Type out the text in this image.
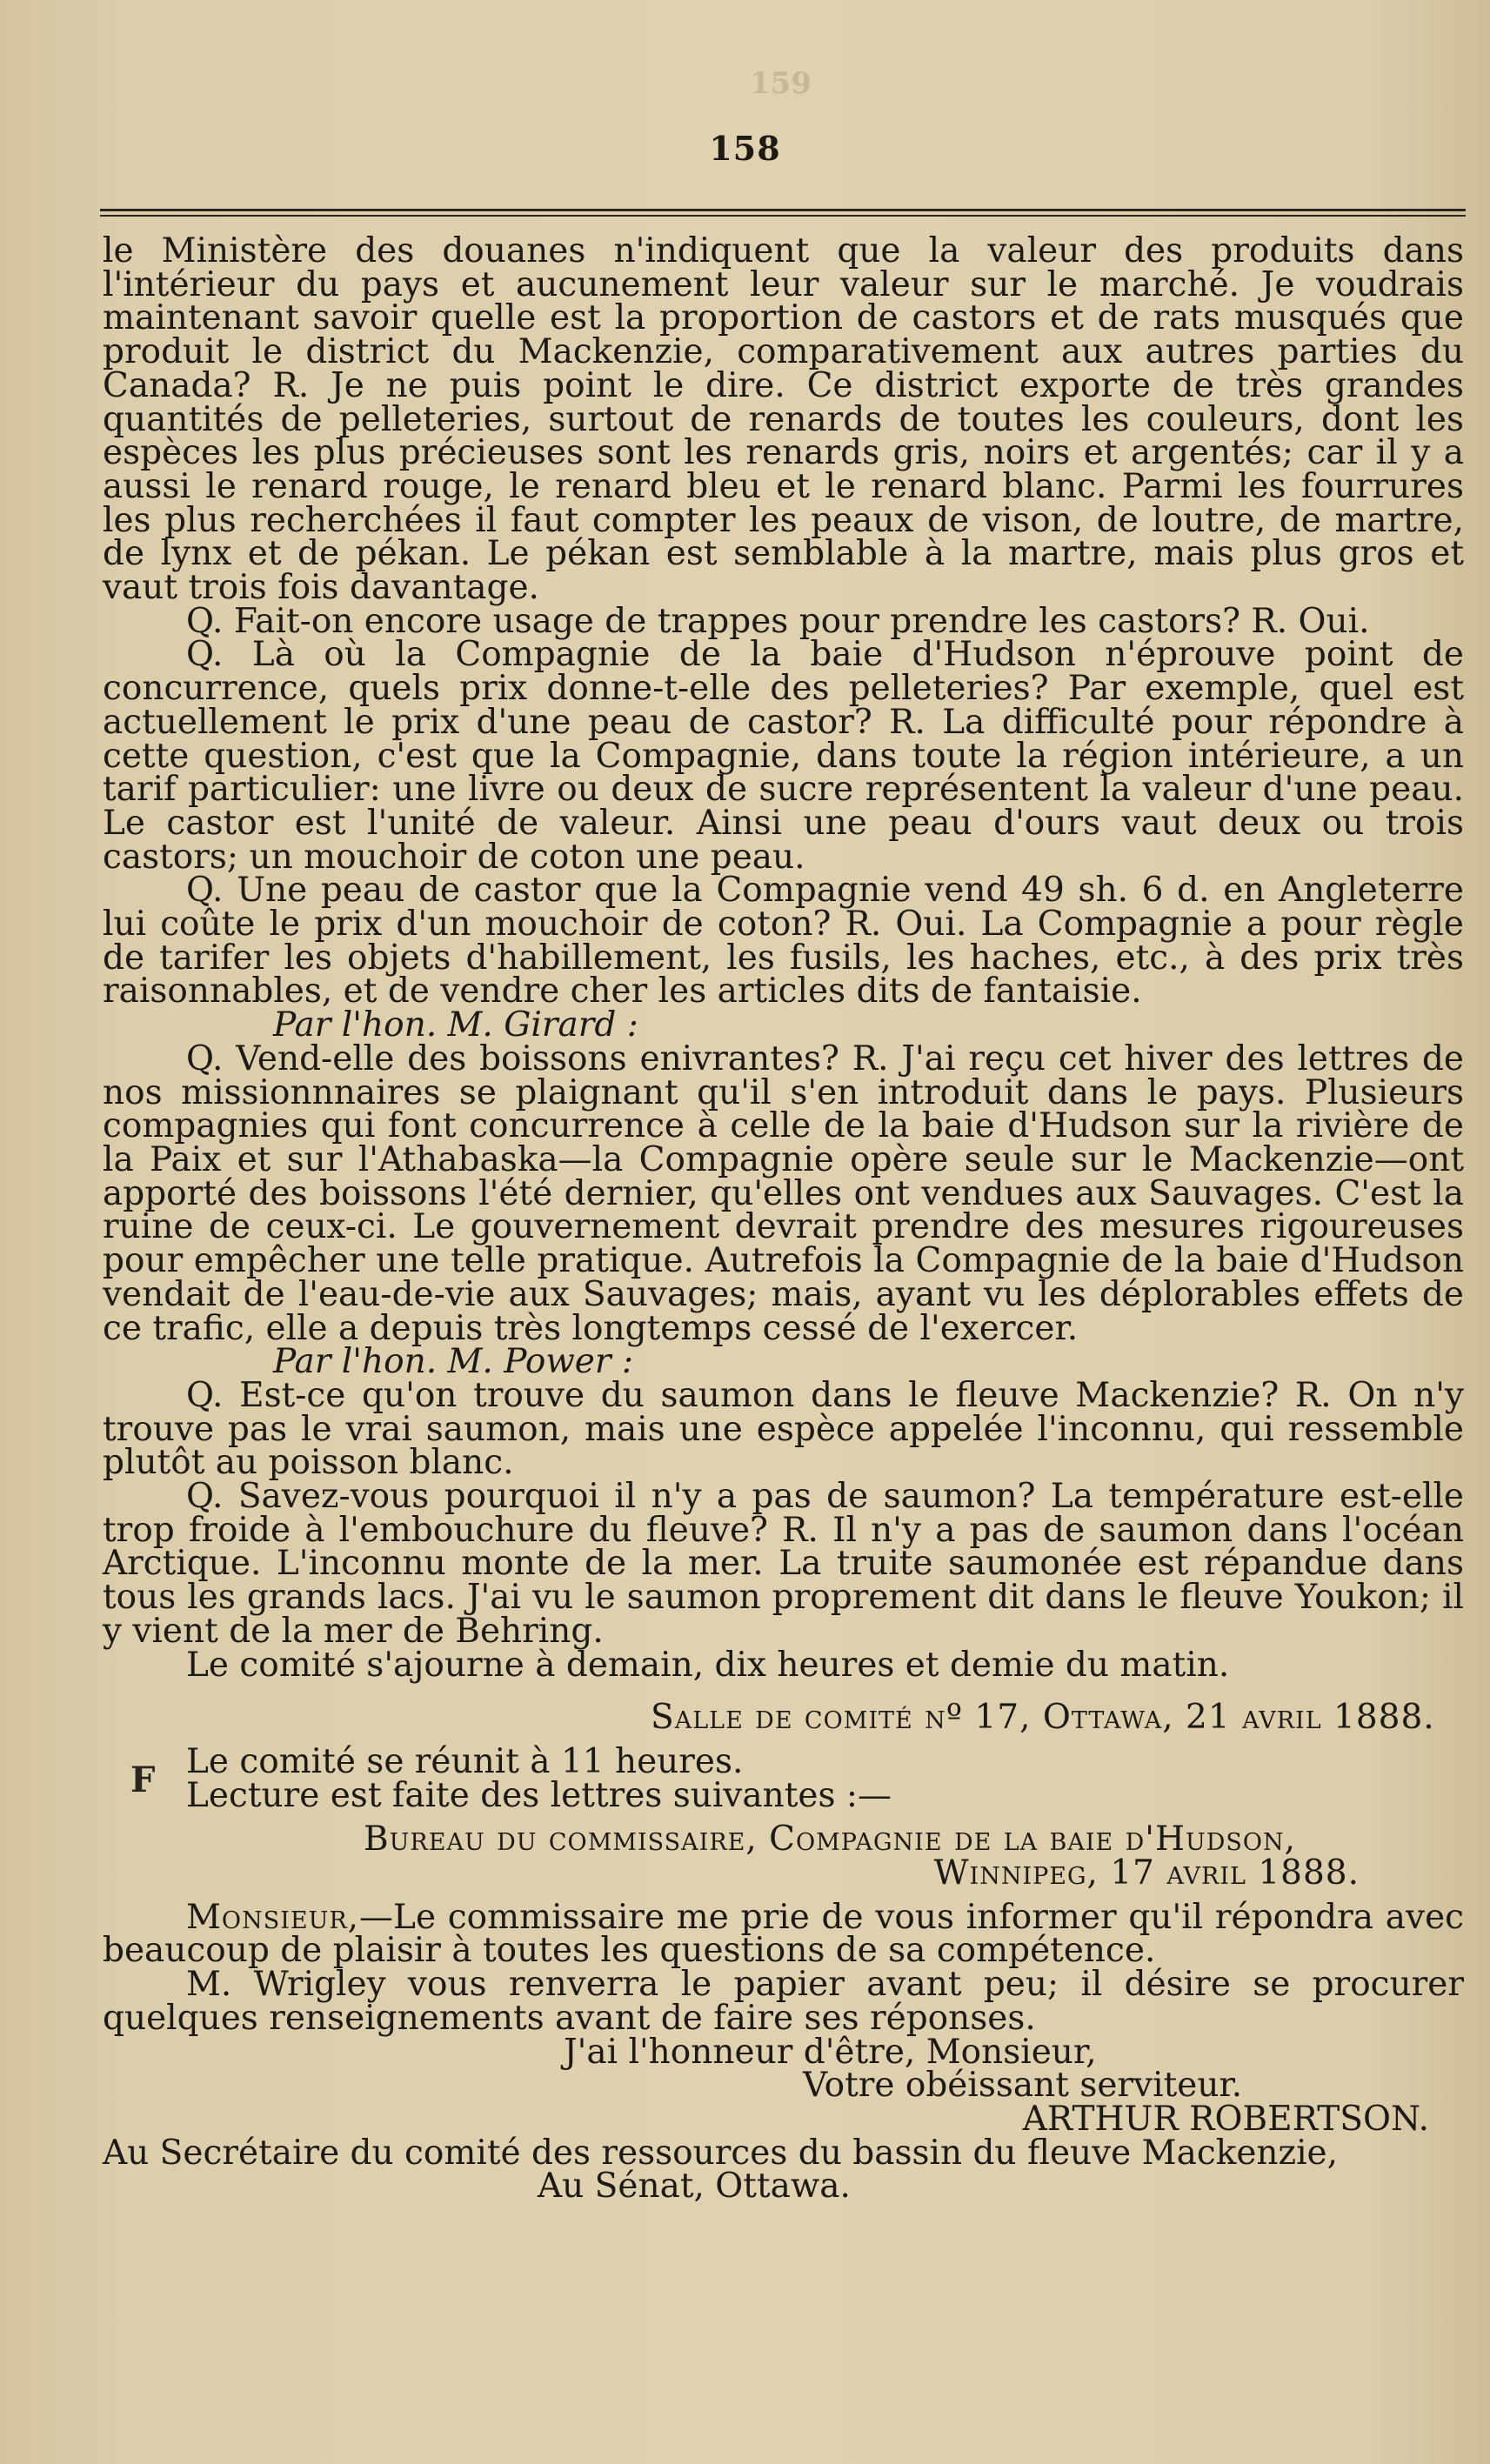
159
158
F

le Ministère des douanes n'indiquent que la valeur des produits dans l'intérieur du pays et aucunement leur valeur sur le marché. Je voudrais maintenant savoir quelle est la proportion de castors et de rats musqués que produit le district du Mackenzie, comparativement aux autres parties du Canada? R. Je ne puis point le dire. Ce district exporte de très grandes quantités de pelleteries, surtout de renards de toutes les couleurs, dont les espèces les plus précieuses sont les renards gris, noirs et argentés; car il y a aussi le renard rouge, le renard bleu et le renard blanc. Parmi les fourrures les plus recherchées il faut compter les peaux de vison, de loutre, de martre, de lynx et de pékan. Le pékan est semblable à la martre, mais plus gros et vaut trois fois davantage.

Q. Fait-on encore usage de trappes pour prendre les castors? R. Oui.

Q. Là où la Compagnie de la baie d'Hudson n'éprouve point de concurrence, quels prix donne-t-elle des pelleteries? Par exemple, quel est actuellement le prix d'une peau de castor? R. La difficulté pour répondre à cette question, c'est que la Compagnie, dans toute la région intérieure, a un tarif particulier: une livre ou deux de sucre représentent la valeur d'une peau. Le castor est l'unité de valeur. Ainsi une peau d'ours vaut deux ou trois castors; un mouchoir de coton une peau.

Q. Une peau de castor que la Compagnie vend 49 sh. 6 d. en Angleterre lui coûte le prix d'un mouchoir de coton? R. Oui. La Compagnie a pour règle de tarifer les objets d'habillement, les fusils, les haches, etc., à des prix très raisonnables, et de vendre cher les articles dits de fantaisie.

Par l'hon. M. Girard :

Q. Vend-elle des boissons enivrantes? R. J'ai reçu cet hiver des lettres de nos missionnnaires se plaignant qu'il s'en introduit dans le pays. Plusieurs compagnies qui font concurrence à celle de la baie d'Hudson sur la rivière de la Paix et sur l'Athabaska—la Compagnie opère seule sur le Mackenzie—ont apporté des boissons l'été dernier, qu'elles ont vendues aux Sauvages. C'est la ruine de ceux-ci. Le gouvernement devrait prendre des mesures rigoureuses pour empêcher une telle pratique. Autrefois la Compagnie de la baie d'Hudson vendait de l'eau-de-vie aux Sauvages; mais, ayant vu les déplorables effets de ce trafic, elle a depuis très longtemps cessé de l'exercer.

Par l'hon. M. Power :

Q. Est-ce qu'on trouve du saumon dans le fleuve Mackenzie? R. On n'y trouve pas le vrai saumon, mais une espèce appelée l'inconnu, qui ressemble plutôt au poisson blanc.

Q. Savez-vous pourquoi il n'y a pas de saumon? La température est-elle trop froide à l'embouchure du fleuve? R. Il n'y a pas de saumon dans l'océan Arctique. L'inconnu monte de la mer. La truite saumonée est répandue dans tous les grands lacs. J'ai vu le saumon proprement dit dans le fleuve Youkon; il y vient de la mer de Behring.

Le comité s'ajourne à demain, dix heures et demie du matin.

Salle de comité nº 17, Ottawa, 21 avril 1888.

Le comité se réunit à 11 heures.

Lecture est faite des lettres suivantes :—

Bureau du commissaire, Compagnie de la baie d'Hudson,

Winnipeg, 17 avril 1888.

Monsieur,—Le commissaire me prie de vous informer qu'il répondra avec beaucoup de plaisir à toutes les questions de sa compétence.

M. Wrigley vous renverra le papier avant peu; il désire se procurer quelques renseignements avant de faire ses réponses.

J'ai l'honneur d'être, Monsieur,

Votre obéissant serviteur.

ARTHUR ROBERTSON.

Au Secrétaire du comité des ressources du bassin du fleuve Mackenzie,

Au Sénat, Ottawa.
